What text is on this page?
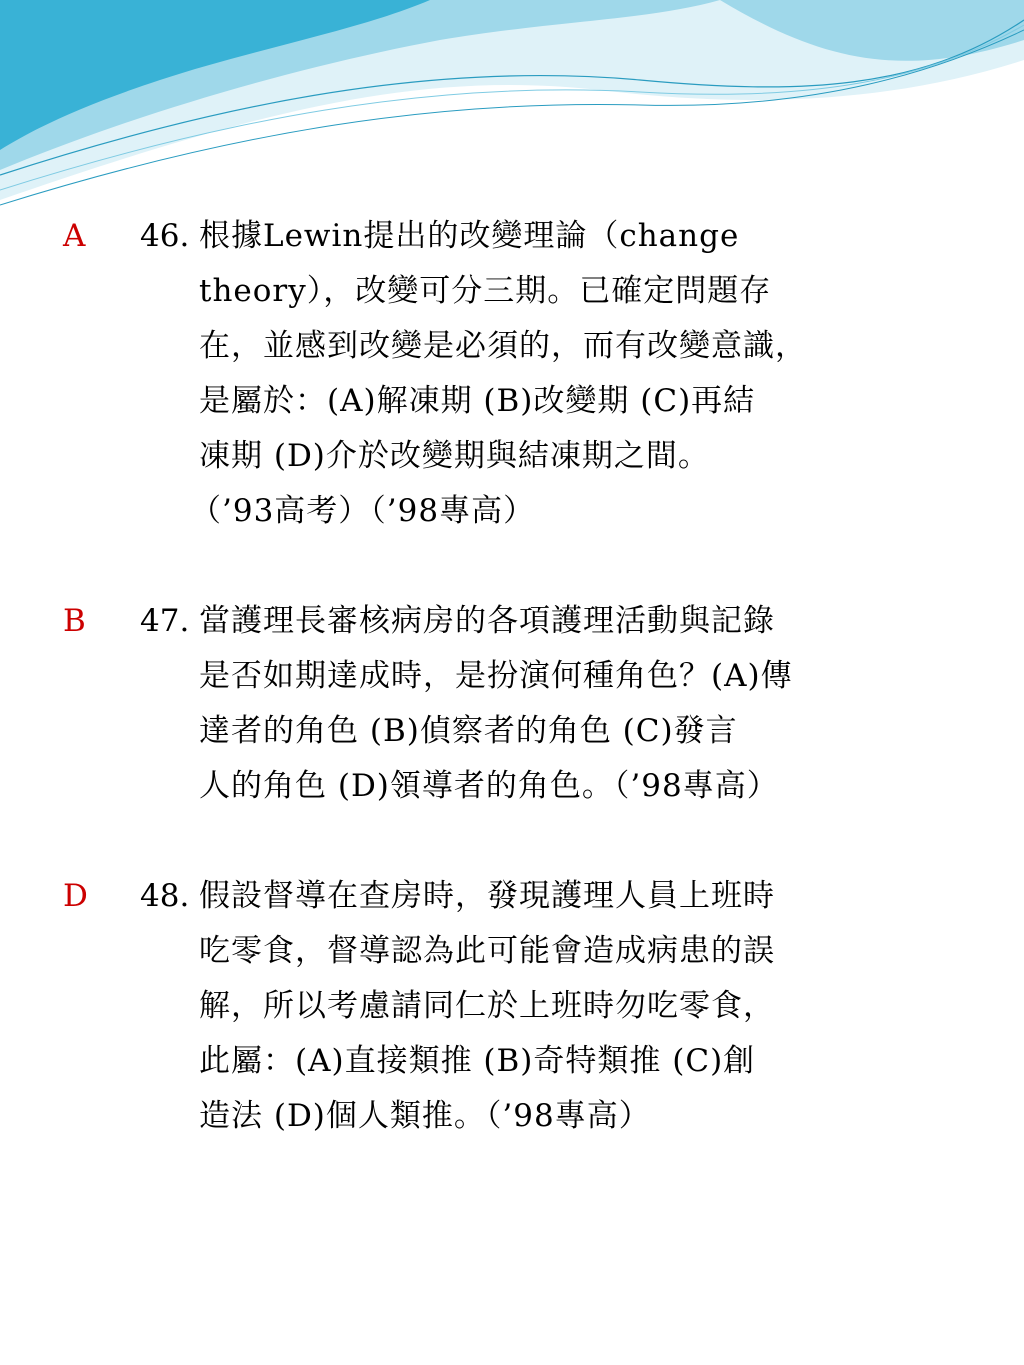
A 46. 根據Lewin提出的改變理論（change
theory），改變可分三期。已確定問題存
在，並感到改變是必須的，而有改變意識，
是屬於：(A)解凍期 (B)改變期 (C)再結
凍期 (D)介於改變期與結凍期之間。
（’93高考）（’98專高）
B 47. 當護理長審核病房的各項護理活動與記錄
是否如期達成時，是扮演何種角色？(A)傳
達者的角色 (B)偵察者的角色 (C)發言
人的角色 (D)領導者的角色。（’98專高）
D 48. 假設督導在查房時，發現護理人員上班時
吃零食，督導認為此可能會造成病患的誤
解，所以考慮請同仁於上班時勿吃零食，
此屬：(A)直接類推 (B)奇特類推 (C)創
造法 (D)個人類推。（’98專高）
